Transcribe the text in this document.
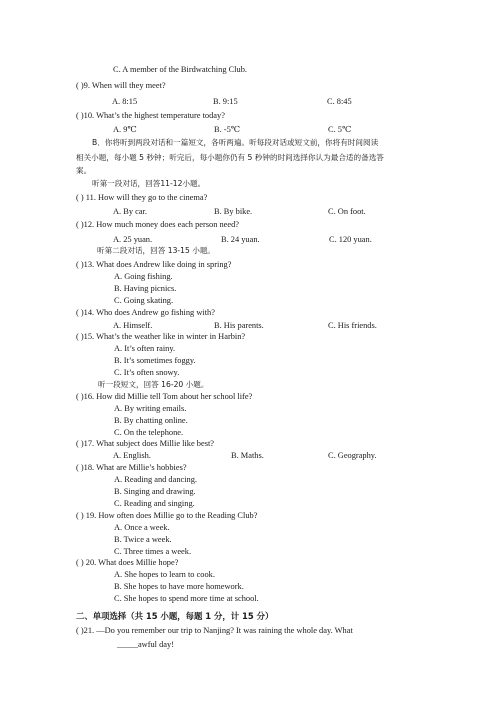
C. A member of the Birdwatching Club.
( )9. When will they meet?
A. 8:15	B. 9:15	C. 8:45
( )10. What’s the highest temperature today?
A. 9℃	B. -5℃	C. 5℃
B．你将听到两段对话和一篇短文，各听两遍。听每段对话或短文前，你将有时间阅读
相关小题，每小题 5 秒钟；听完后，每小题你仍有 5 秒钟的时间选择你认为最合适的备选答
案。
听第一段对话，回答11-12小题。
( ) 11. How will they go to the cinema?
A. By car.	B. By bike.	C. On foot.
( )12. How much money does each person need?
A. 25 yuan.	B. 24 yuan.	C. 120 yuan.
听第二段对话，回答 13-15 小题。
( )13. What does Andrew like doing in spring?
A. Going fishing.
B. Having picnics.
C. Going skating.
( )14. Who does Andrew go fishing with?
A. Himself.	B. His parents.	C. His friends.
( )15. What’s the weather like in winter in Harbin?
A. It’s often rainy.
B. It’s sometimes foggy.
C. It’s often snowy.
听一段短文，回答 16-20 小题。
( )16. How did Millie tell Tom about her school life?
A. By writing emails.
B. By chatting online.
C. On the telephone.
( )17. What subject does Millie like best?
A. English.	B. Maths.	C. Geography.
( )18. What are Millie’s hobbies?
A. Reading and dancing.
B. Singing and drawing.
C. Reading and singing.
( ) 19. How often does Millie go to the Reading Club?
A. Once a week.
B. Twice a week.
C. Three times a week.
( ) 20. What does Millie hope?
A. She hopes to learn to cook.
B. She hopes to have more homework.
C. She hopes to spend more time at school.
二、单项选择（共 15 小题，每题 1 分，计 15 分）
( )21. —Do you remember our trip to Nanjing? It was raining the whole day. What
_____awful day!
